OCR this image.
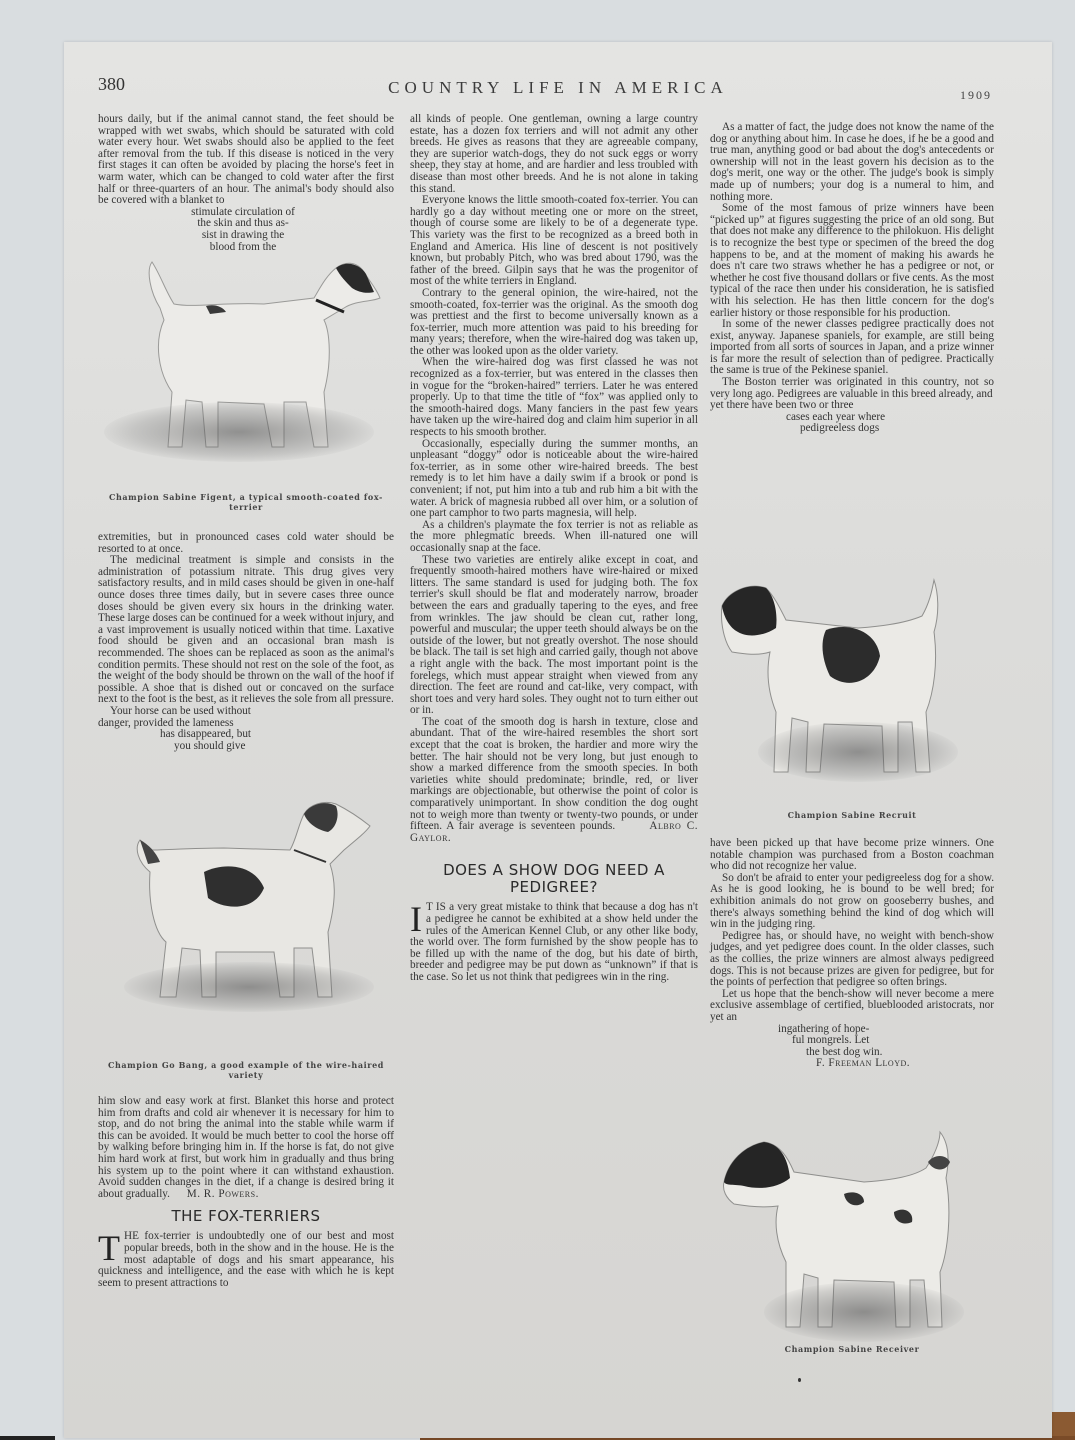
380	COUNTRY LIFE IN AMERICA	1909

hours daily, but if the animal cannot stand, the feet should be wrapped with wet swabs, which should be saturated with cold water every hour. Wet swabs should also be applied to the feet after removal from the tub. If this disease is noticed in the very first stages it can often be avoided by placing the horse's feet in warm water, which can be changed to cold water after the first half or three-quarters of an hour. The animal's body should also be covered with a blanket to

stimulate circulation of
the skin and thus as-
sist in drawing the
blood from the
Champion Sabine Figent, a typical smooth-coated fox-terrier

extremities, but in pronounced cases cold water should be resorted to at once.

The medicinal treatment is simple and consists in the administration of potassium nitrate. This drug gives very satisfactory results, and in mild cases should be given in one-half ounce doses three times daily, but in severe cases three ounce doses should be given every six hours in the drinking water. These large doses can be continued for a week without injury, and a vast improvement is usually noticed within that time. Laxative food should be given and an occasional bran mash is recommended. The shoes can be replaced as soon as the animal's condition permits. These should not rest on the sole of the foot, as the weight of the body should be thrown on the wall of the hoof if possible. A shoe that is dished out or concaved on the surface next to the foot is the best, as it relieves the sole from all pressure.

Your horse can be used without
danger, provided the lameness
has disappeared, but
you should give
Champion Go Bang, a good example of the wire-haired variety

him slow and easy work at first. Blanket this horse and protect him from drafts and cold air whenever it is necessary for him to stop, and do not bring the animal into the stable while warm if this can be avoided. It would be much better to cool the horse off by walking before bringing him in. If the horse is fat, do not give him hard work at first, but work him in gradually and thus bring his system up to the point where it can withstand exhaustion. Avoid sudden changes in the diet, if a change is desired bring it about gradually. M. R. Powers.

THE FOX-TERRIERS

THE fox-terrier is undoubtedly one of our best and most popular breeds, both in the show and in the house. He is the most adaptable of dogs and his smart appearance, his quickness and intelligence, and the ease with which he is kept seem to present attractions to

all kinds of people. One gentleman, owning a large country estate, has a dozen fox terriers and will not admit any other breeds. He gives as reasons that they are agreeable company, they are superior watch-dogs, they do not suck eggs or worry sheep, they stay at home, and are hardier and less troubled with disease than most other breeds. And he is not alone in taking this stand.

Everyone knows the little smooth-coated fox-terrier. You can hardly go a day without meeting one or more on the street, though of course some are likely to be of a degenerate type. This variety was the first to be recognized as a breed both in England and America. His line of descent is not positively known, but probably Pitch, who was bred about 1790, was the father of the breed. Gilpin says that he was the progenitor of most of the white terriers in England.

Contrary to the general opinion, the wire-haired, not the smooth-coated, fox-terrier was the original. As the smooth dog was prettiest and the first to become universally known as a fox-terrier, much more attention was paid to his breeding for many years; therefore, when the wire-haired dog was taken up, the other was looked upon as the older variety.

When the wire-haired dog was first classed he was not recognized as a fox-terrier, but was entered in the classes then in vogue for the “broken-haired” terriers. Later he was entered properly. Up to that time the title of “fox” was applied only to the smooth-haired dogs. Many fanciers in the past few years have taken up the wire-haired dog and claim him superior in all respects to his smooth brother.

Occasionally, especially during the summer months, an unpleasant “doggy” odor is noticeable about the wire-haired fox-terrier, as in some other wire-haired breeds. The best remedy is to let him have a daily swim if a brook or pond is convenient; if not, put him into a tub and rub him a bit with the water. A brick of magnesia rubbed all over him, or a solution of one part camphor to two parts magnesia, will help.

As a children's playmate the fox terrier is not as reliable as the more phlegmatic breeds. When ill-natured one will occasionally snap at the face.

These two varieties are entirely alike except in coat, and frequently smooth-haired mothers have wire-haired or mixed litters. The same standard is used for judging both. The fox terrier's skull should be flat and moderately narrow, broader between the ears and gradually tapering to the eyes, and free from wrinkles. The jaw should be clean cut, rather long, powerful and muscular; the upper teeth should always be on the outside of the lower, but not greatly overshot. The nose should be black. The tail is set high and carried gaily, though not above a right angle with the back. The most important point is the forelegs, which must appear straight when viewed from any direction. The feet are round and cat-like, very compact, with short toes and very hard soles. They ought not to turn either out or in.

The coat of the smooth dog is harsh in texture, close and abundant. That of the wire-haired resembles the short sort except that the coat is broken, the hardier and more wiry the better. The hair should not be very long, but just enough to show a marked difference from the smooth species. In both varieties white should predominate; brindle, red, or liver markings are objectionable, but otherwise the point of color is comparatively unimportant. In show condition the dog ought not to weigh more than twenty or twenty-two pounds, or under fifteen. A fair average is seventeen pounds.	Albro C. Gaylor.

DOES A SHOW DOG NEED A PEDIGREE?

I T IS a very great mistake to think that because a dog has n't a pedigree he cannot be exhibited at a show held under the rules of the American Kennel Club, or any other like body, the world over. The form furnished by the show people has to be filled up with the name of the dog, but his date of birth, breeder and pedigree may be put down as “unknown” if that is the case. So let us not think that pedigrees win in the ring.

As a matter of fact, the judge does not know the name of the dog or anything about him. In case he does, if he be a good and true man, anything good or bad about the dog's antecedents or ownership will not in the least govern his decision as to the dog's merit, one way or the other. The judge's book is simply made up of numbers; your dog is a numeral to him, and nothing more.

Some of the most famous of prize winners have been “picked up” at figures suggesting the price of an old song. But that does not make any difference to the philokuon. His delight is to recognize the best type or specimen of the breed the dog happens to be, and at the moment of making his awards he does n't care two straws whether he has a pedigree or not, or whether he cost five thousand dollars or five cents. As the most typical of the race then under his consideration, he is satisfied with his selection. He has then little concern for the dog's earlier history or those responsible for his production.

In some of the newer classes pedigree practically does not exist, anyway. Japanese spaniels, for example, are still being imported from all sorts of sources in Japan, and a prize winner is far more the result of selection than of pedigree. Practically the same is true of the Pekinese spaniel.

The Boston terrier was originated in this country, not so very long ago. Pedigrees are valuable in this breed already, and

yet there have been two or three
cases each year where
pedigreeless dogs
Champion Sabine Recruit

have been picked up that have become prize winners. One notable champion was purchased from a Boston coachman who did not recognize her value.

So don't be afraid to enter your pedigreeless dog for a show. As he is good looking, he is bound to be well bred; for exhibition animals do not grow on gooseberry bushes, and there's always something behind the kind of dog which will win in the judging ring.

Pedigree has, or should have, no weight with bench-show judges, and yet pedigree does count. In the older classes, such as the collies, the prize winners are almost always pedigreed dogs. This is not because prizes are given for pedigree, but for the points of perfection that pedigree so often brings.

Let us hope that the bench-show will never become a mere exclusive assemblage of certified, blueblooded aristocrats, nor yet an

ingathering of hope-
ful mongrels. Let
the best dog win.
F. Freeman Lloyd.
Champion Sabine Receiver
